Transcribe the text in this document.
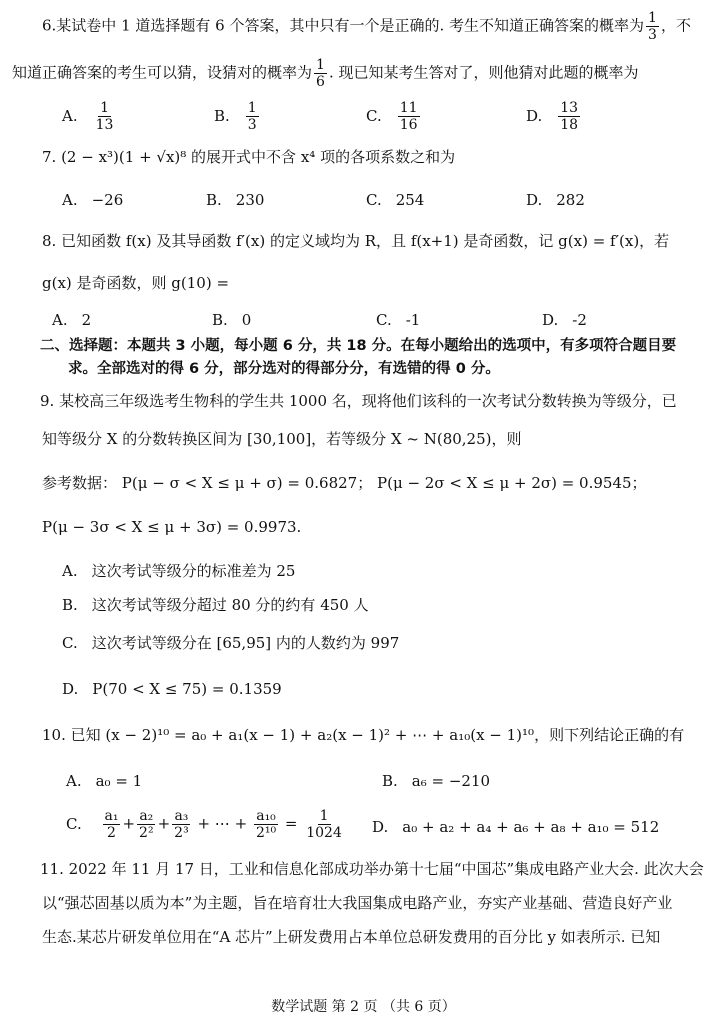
6.某试卷中 1 道选择题有 6 个答案，其中只有一个是正确的. 考生不知道正确答案的概率为 $\frac{1}{3}$ ，不
知道正确答案的考生可以猜，设猜对的概率为 $\frac{1}{6}$ . 现已知某考生答对了，则他猜对此题的概率为
A. $\frac{1}{13}$	B. $\frac{1}{3}$	C. $\frac{11}{16}$	D. $\frac{13}{18}$
7. (2 − x³)(1 + √x)⁸ 的展开式中不含 x⁴ 项的各项系数之和为
A. −26	B. 230	C. 254	D. 282
8. 已知函数 f(x) 及其导函数 f′(x) 的定义域均为 R，且 f(x+1) 是奇函数，记 g(x) = f′(x)，若
g(x) 是奇函数，则 g(10) =
A. 2	B. 0	C. -1	D. -2
二、选择题：本题共 3 小题，每小题 6 分，共 18 分。在每小题给出的选项中，有多项符合题目要
求。全部选对的得 6 分，部分选对的得部分分，有选错的得 0 分。
9. 某校高三年级选考生物科的学生共 1000 名，现将他们该科的一次考试分数转换为等级分，已
知等级分 X 的分数转换区间为 [30,100]，若等级分 X ~ N(80,25)，则
参考数据： P(μ − σ < X ≤ μ + σ) = 0.6827； P(μ − 2σ < X ≤ μ + 2σ) = 0.9545；
P(μ − 3σ < X ≤ μ + 3σ) = 0.9973.
A. 这次考试等级分的标准差为 25
B. 这次考试等级分超过 80 分的约有 450 人
C. 这次考试等级分在 [65,95] 内的人数约为 997
D. P(70 < X ≤ 75) = 0.1359
10. 已知 (x − 2)¹⁰ = a₀ + a₁(x − 1) + a₂(x − 1)² + ⋯ + a₁₀(x − 1)¹⁰，则下列结论正确的有
A. a₀ = 1	B. a₆ = −210
C. $\frac{\text{a₁}}{2} + \frac{\text{a₂}}{\text{2²}} + \frac{\text{a₃}}{\text{2³}}$ + ⋯ + $\frac{\text{a₁₀}}{\text{2¹⁰}} = \frac{1}{1024} D$. a₀ + a₂ + a₄ + a₆ + a₈ + a₁₀ = 512
11. 2022 年 11 月 17 日，工业和信息化部成功举办第十七届“中国芯”集成电路产业大会. 此次大会
以“强芯固基以质为本”为主题，旨在培育壮大我国集成电路产业，夯实产业基础、营造良好产业
生态.某芯片研发单位用在“A 芯片”上研发费用占本单位总研发费用的百分比 y 如表所示. 已知
数学试题 第 2 页 （共 6 页）
